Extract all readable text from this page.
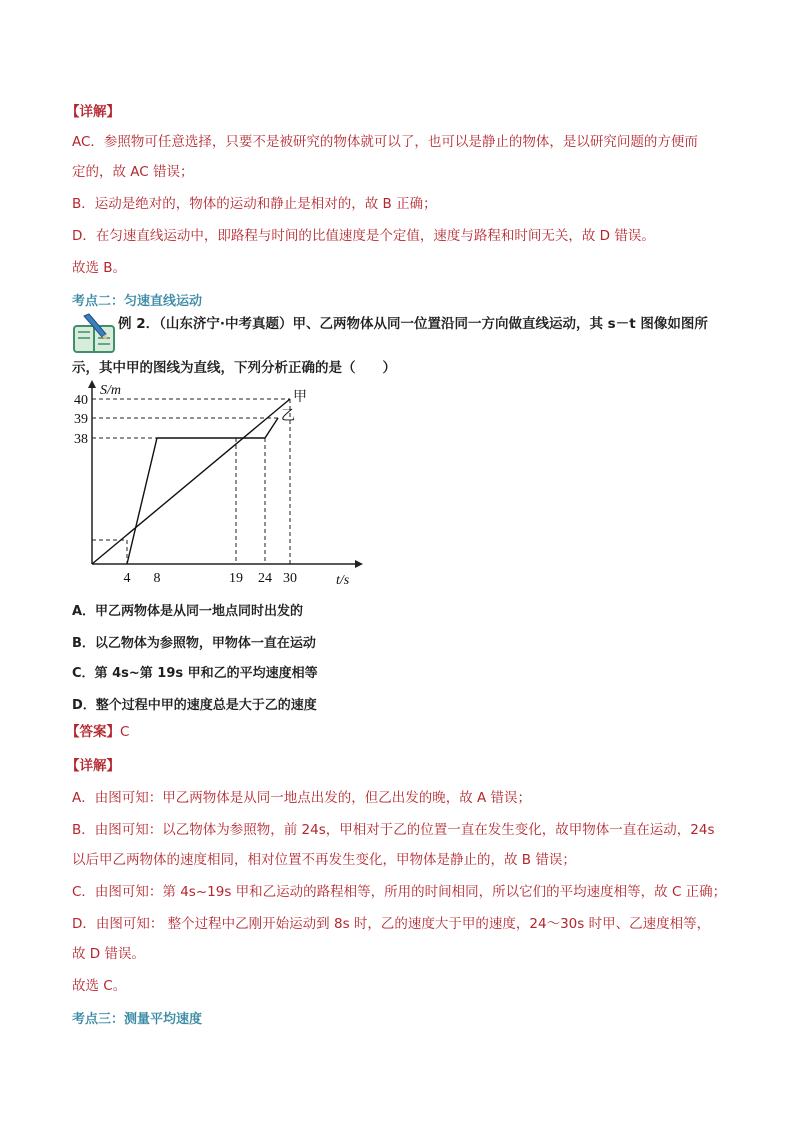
【详解】
AC．参照物可任意选择，只要不是被研究的物体就可以了，也可以是静止的物体，是以研究问题的方便而
定的，故 AC 错误；
B．运动是绝对的，物体的运动和静止是相对的，故 B 正确；
D．在匀速直线运动中，即路程与时间的比值速度是个定值，速度与路程和时间无关，故 D 错误。
故选 B。
考点二：匀速直线运动
例 2．（山东济宁·中考真题）甲、乙两物体从同一位置沿同一方向做直线运动，其 s－t 图像如图所
示，其中甲的图线为直线，下列分析正确的是（　　）
甲
乙
38
39
40
4 8	19 24 30
S/m
t/s
A．甲乙两物体是从同一地点同时出发的
B．以乙物体为参照物，甲物体一直在运动
C．第 4s~第 19s 甲和乙的平均速度相等
D．整个过程中甲的速度总是大于乙的速度
【答案】C
【详解】
A．由图可知：甲乙两物体是从同一地点出发的，但乙出发的晚，故 A 错误；
B．由图可知：以乙物体为参照物，前 24s，甲相对于乙的位置一直在发生变化，故甲物体一直在运动，24s
以后甲乙两物体的速度相同，相对位置不再发生变化，甲物体是静止的，故 B 错误；
C．由图可知：第 4s~19s 甲和乙运动的路程相等，所用的时间相同，所以它们的平均速度相等，故 C 正确；
D．由图可知： 整个过程中乙刚开始运动到 8s 时，乙的速度大于甲的速度，24～30s 时甲、乙速度相等，
故 D 错误。
故选 C。
考点三：测量平均速度
